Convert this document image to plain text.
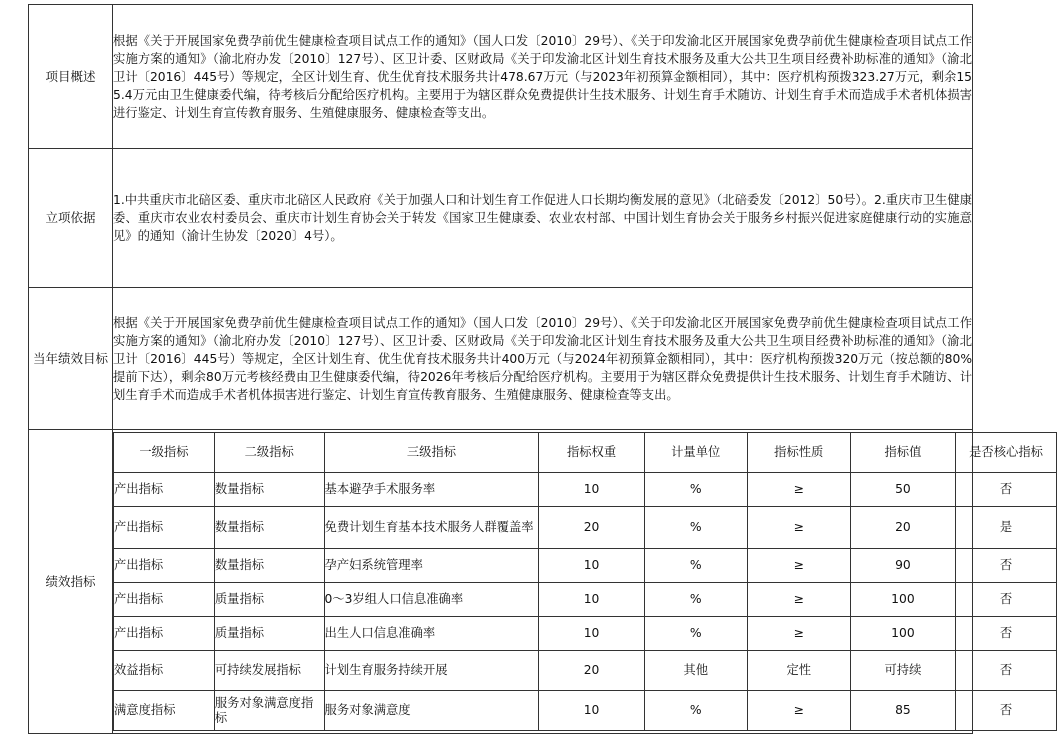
项目概述	根据《关于开展国家免费孕前优生健康检查项目试点工作的通知》（国人口发〔2010〕29号）、《关于印发渝北区开展国家免费孕前优生健康检查项目试点工作实施方案的通知》（渝北府办发〔2010〕127号）、区卫计委、区财政局《关于印发渝北区计划生育技术服务及重大公共卫生项目经费补助标准的通知》（渝北卫计〔2016〕445号）等规定，全区计划生育、优生优育技术服务共计478.67万元（与2023年初预算金额相同），其中：医疗机构预拨323.27万元，剩余155.4万元由卫生健康委代编，待考核后分配给医疗机构。主要用于为辖区群众免费提供计生技术服务、计划生育手术随访、计划生育手术而造成手术者机体损害进行鉴定、计划生育宣传教育服务、生殖健康服务、健康检查等支出。
立项依据	1.中共重庆市北碚区委、重庆市北碚区人民政府《关于加强人口和计划生育工作促进人口长期均衡发展的意见》（北碚委发〔2012〕50号）。2.重庆市卫生健康委、重庆市农业农村委员会、重庆市计划生育协会关于转发《国家卫生健康委、农业农村部、中国计划生育协会关于服务乡村振兴促进家庭健康行动的实施意见》的通知（渝计生协发〔2020〕4号）。
当年绩效目标	根据《关于开展国家免费孕前优生健康检查项目试点工作的通知》（国人口发〔2010〕29号）、《关于印发渝北区开展国家免费孕前优生健康检查项目试点工作实施方案的通知》（渝北府办发〔2010〕127号）、区卫计委、区财政局《关于印发渝北区计划生育技术服务及重大公共卫生项目经费补助标准的通知》（渝北卫计〔2016〕445号）等规定，全区计划生育、优生优育技术服务共计400万元（与2024年初预算金额相同），其中：医疗机构预拨320万元（按总额的80%提前下达），剩余80万元考核经费由卫生健康委代编，待2026年考核后分配给医疗机构。主要用于为辖区群众免费提供计生技术服务、计划生育手术随访、计划生育手术而造成手术者机体损害进行鉴定、计划生育宣传教育服务、生殖健康服务、健康检查等支出。
绩效指标	
一级指标	二级指标	三级指标	指标权重	计量单位	指标性质	指标值	是否核心指标
产出指标	数量指标	基本避孕手术服务率	10	%	≥	50	否
产出指标	数量指标	免费计划生育基本技术服务人群覆盖率	20	%	≥	20	是
产出指标	数量指标	孕产妇系统管理率	10	%	≥	90	否
产出指标	质量指标	0～3岁组人口信息准确率	10	%	≥	100	否
产出指标	质量指标	出生人口信息准确率	10	%	≥	100	否
效益指标	可持续发展指标	计划生育服务持续开展	20	其他	定性	可持续	否
满意度指标	服务对象满意度指标	服务对象满意度	10	%	≥	85	否
